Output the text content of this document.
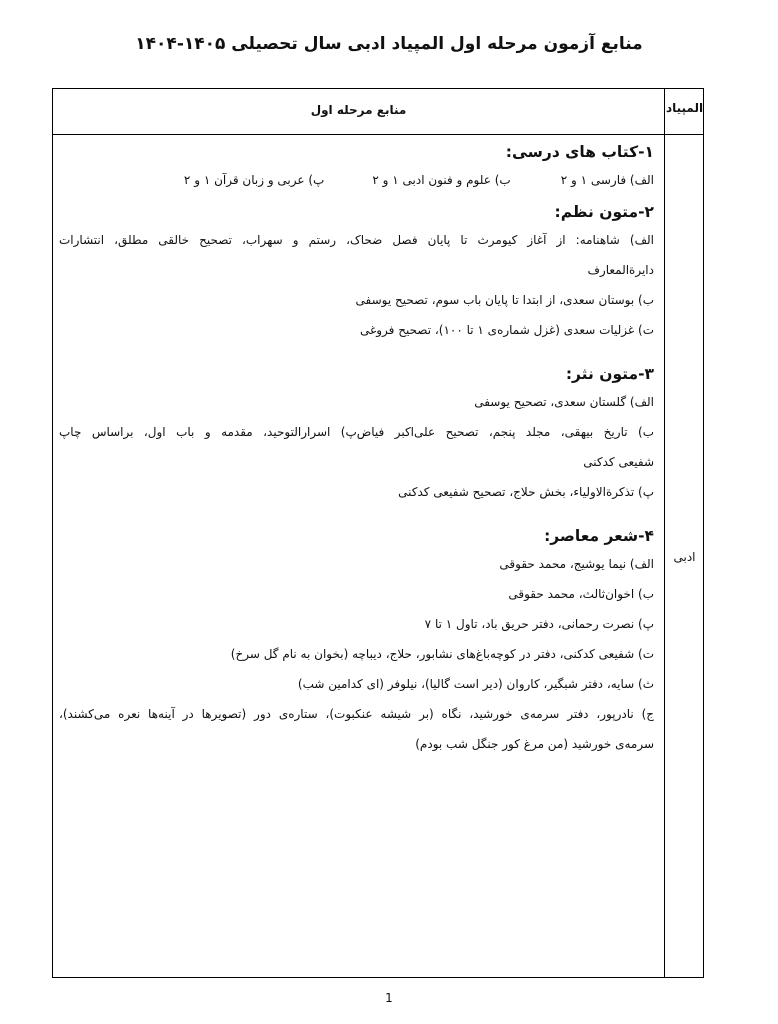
منابع آزمون مرحله اول المپیاد ادبی سال تحصیلی ۱۴۰۵-۱۴۰۴
المپیاد
منابع مرحله اول
ادبی
۱-کتاب های درسی:
الف) فارسی ۱ و ۲
ب) علوم و فنون ادبی ۱ و ۲
پ) عربی و زبان قرآن ۱ و ۲
۲-متون نظم:
الف) شاهنامه: از آغاز کیومرث تا پایان فصل ضحاک، رستم و سهراب، تصحیح خالقی مطلق، انتشارات
دایرةالمعارف
ب) بوستان سعدی، از ابتدا تا پایان باب سوم، تصحیح یوسفی
ت) غزلیات سعدی (غزل شماره‌ی ۱ تا ۱۰۰)، تصحیح فروغی
۳-متون نثر:
الف) گلستان سعدی، تصحیح یوسفی
ب) تاریخ بیهقی، مجلد پنجم، تصحیح علی‌اکبر فیاض‌پ) اسرارالتوحید، مقدمه و باب اول، براساس چاپ
شفیعی کدکنی
پ) تذکرةالاولیاء، بخش حلاج، تصحیح شفیعی کدکنی
۴-شعر معاصر:
الف) نیما یوشیج، محمد حقوقی
ب) اخوان‌ثالث، محمد حقوقی
پ) نصرت رحمانی، دفتر حریق باد، تاول ۱ تا ۷
ت) شفیعی کدکنی، دفتر در کوچه‌باغ‌های نشابور، حلاج، دیباچه (بخوان به نام گل سرخ)
ث) سایه، دفتر شبگیر، کاروان (دیر است گالیا)، نیلوفر (ای کدامین شب)
ج) نادرپور، دفتر سرمه‌ی خورشید، نگاه (بر شیشه عنکبوت)، ستاره‌ی دور (تصویرها در آینه‌ها نعره می‌کشند)،
سرمه‌ی خورشید (من مرغ کور جنگل شب بودم)
1
